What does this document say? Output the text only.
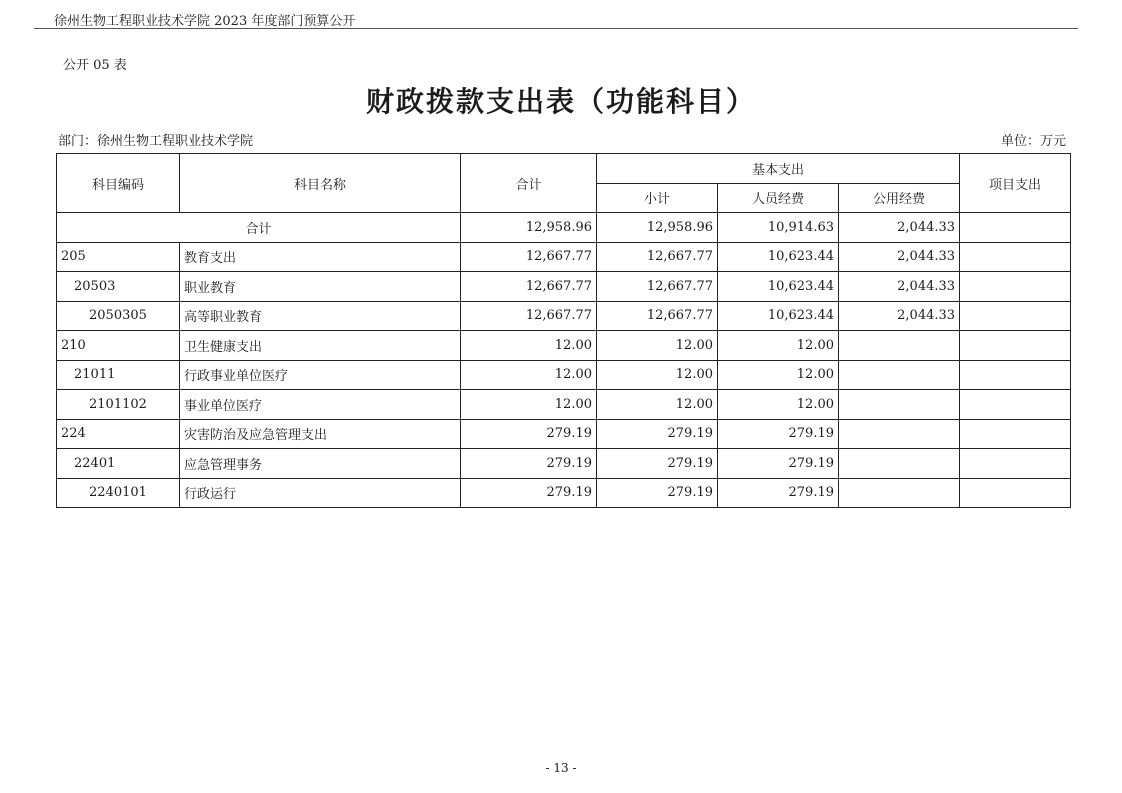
徐州生物工程职业技术学院 2023 年度部门预算公开
公开 05 表
财政拨款支出表（功能科目）
部门：徐州生物工程职业技术学院	单位：万元
科目编码	科目名称	合计	基本支出			项目支出
			小计	人员经费	公用经费	
合计		12,958.96	12,958.96	10,914.63	2,044.33	
205	教育支出	12,667.77	12,667.77	10,623.44	2,044.33	
20503	职业教育	12,667.77	12,667.77	10,623.44	2,044.33	
2050305	高等职业教育	12,667.77	12,667.77	10,623.44	2,044.33	
210	卫生健康支出	12.00	12.00	12.00		
21011	行政事业单位医疗	12.00	12.00	12.00		
2101102	事业单位医疗	12.00	12.00	12.00		
224	灾害防治及应急管理支出	279.19	279.19	279.19		
22401	应急管理事务	279.19	279.19	279.19		
2240101	行政运行	279.19	279.19	279.19		
- 13 -
